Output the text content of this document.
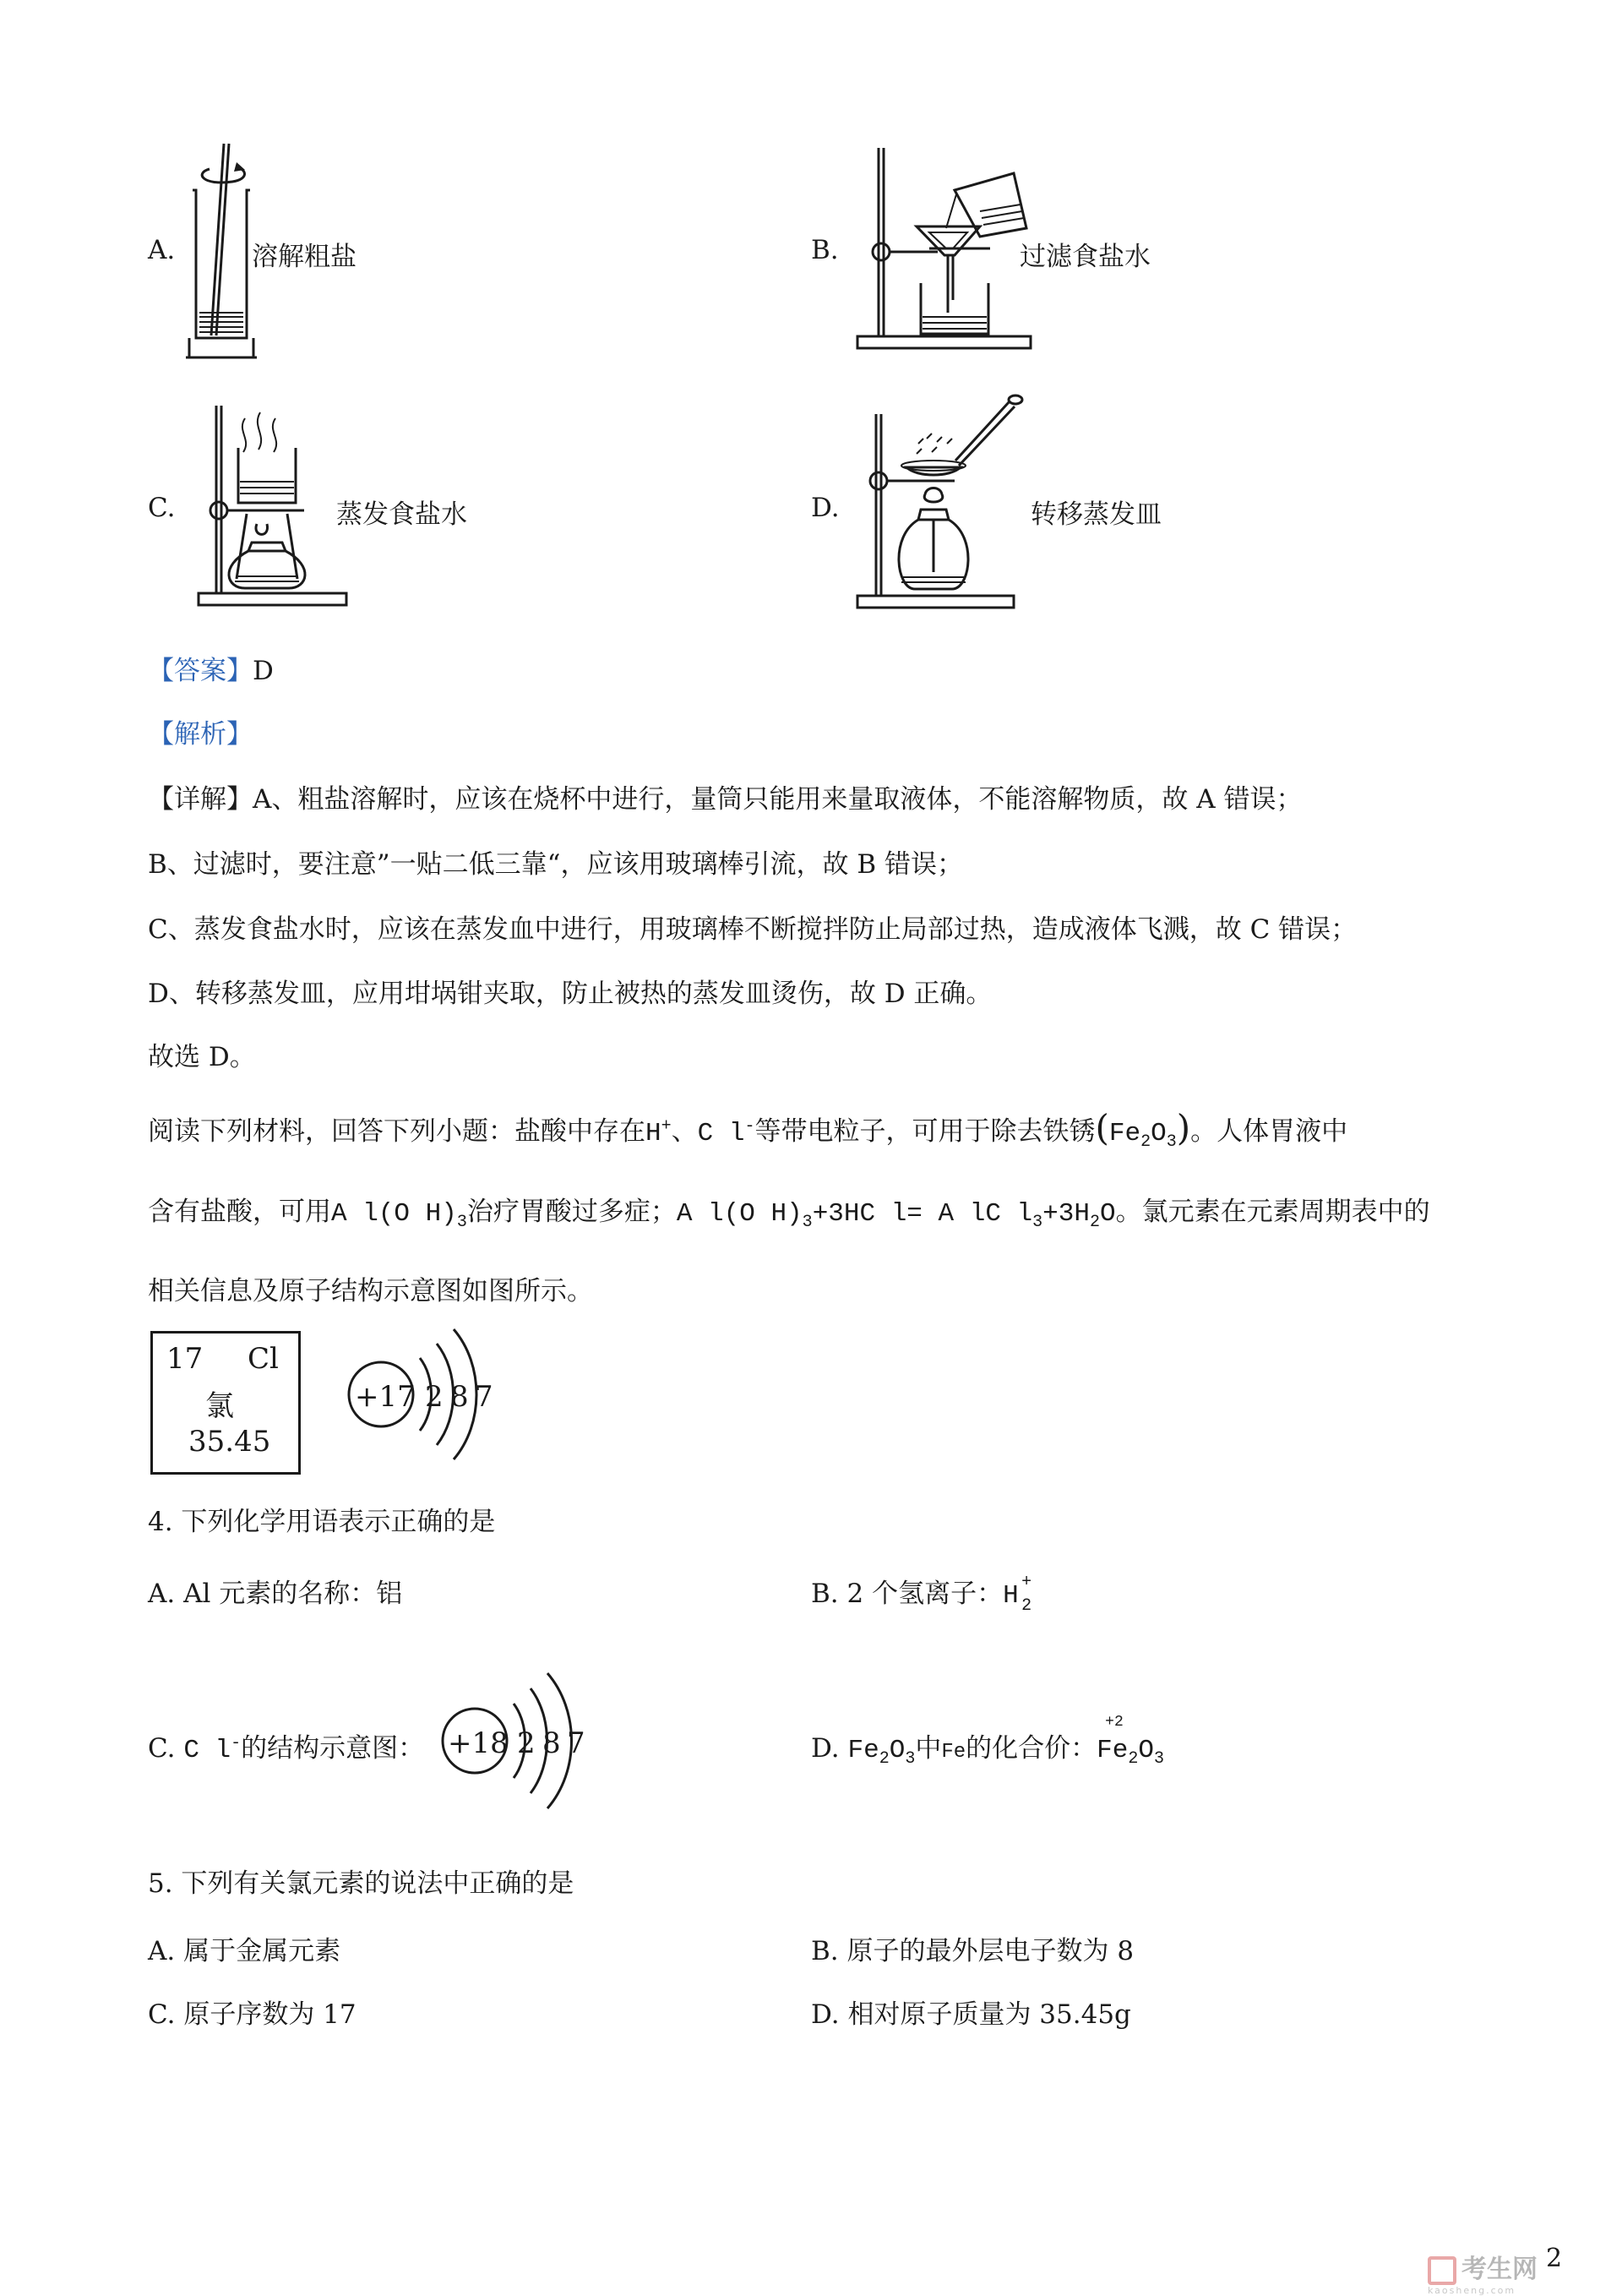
A.	溶解粗盐	B.	过滤食盐水
C.	蒸发食盐水	D.	转移蒸发皿
【答案】D
【解析】
【详解】A、粗盐溶解时，应该在烧杯中进行，量筒只能用来量取液体，不能溶解物质，故 A 错误；
B、过滤时，要注意”一贴二低三靠“，应该用玻璃棒引流，故 B 错误；
C、蒸发食盐水时，应该在蒸发血中进行，用玻璃棒不断搅拌防止局部过热，造成液体飞溅，故 C 错误；
D、转移蒸发皿，应用坩埚钳夹取，防止被热的蒸发皿烫伤，故 D 正确。
故选 D。
阅读下列材料，回答下列小题：盐酸中存在H+、C l-等带电粒子，可用于除去铁锈$(Fe_2O_3)$。人体胃液中
含有盐酸，可用A l(O $H)_3$治疗胃酸过多症；A l(O $H)_3+3HC$ l= A lC $l_3+3H_2O$。氯元素在元素周期表中的
相关信息及原子结构示意图如图所示。
17 Cl
氯
35.45
+17 2 8 7
4. 下列化学用语表示正确的是
A. Al 元素的名称：铝	B. 2 个氢离子：H +
2
C. C l-的结构示意图： +18 2 8 7	D. $Fe_2O_3$中Fe的化合价：
+2
$Fe_2O_3$
5. 下列有关氯元素的说法中正确的是
A. 属于金属元素	B. 原子的最外层电子数为 8
C. 原子序数为 17	D. 相对原子质量为 35.45g
2
考生网
kaosheng.com
